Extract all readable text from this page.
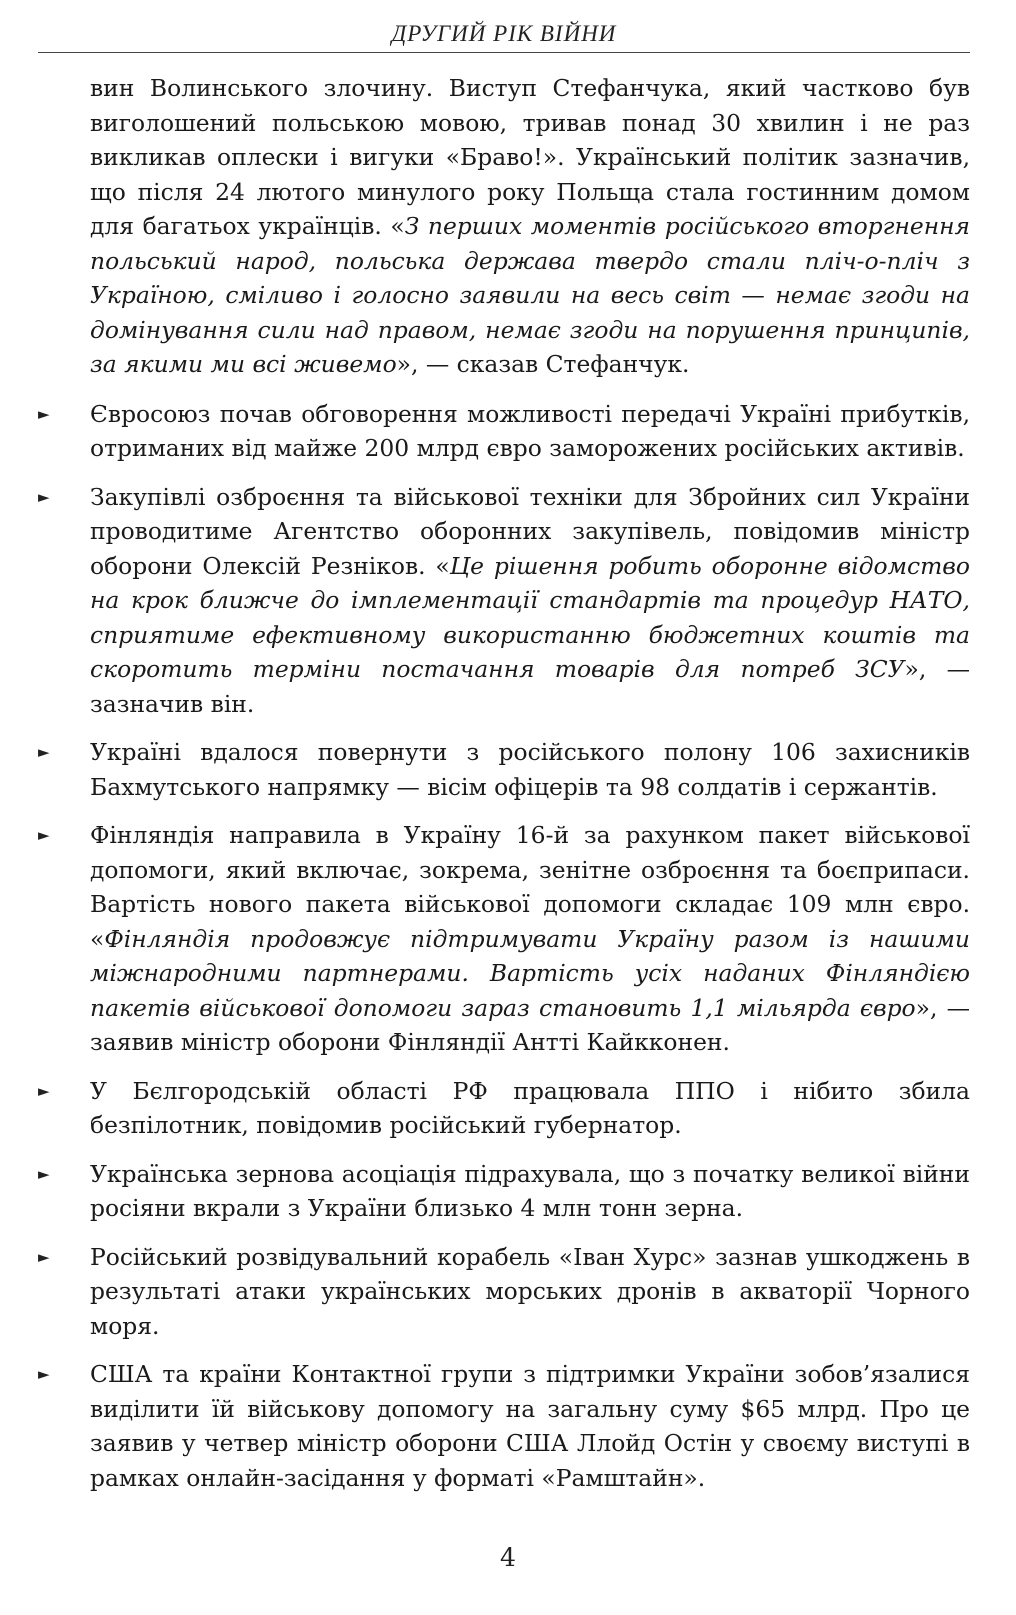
ДРУГИЙ РІК ВІЙНИ

вин Волинського злочину. Виступ Стефанчука, який частково був виголошений польською мовою, тривав понад 30 хвилин і не раз викликав оплески і вигуки «Браво!». Український політик зазначив, що після 24 лютого минулого року Польща стала гостинним домом для багатьох українців. «З перших моментів російського вторгнення польський народ, польська держава твердо стали пліч-о-пліч з Україною, сміливо і голосно заявили на весь світ — немає згоди на домінування сили над правом, немає згоди на порушення принципів, за якими ми всі живемо», — сказав Стефанчук.

►	Євросоюз почав обговорення можливості передачі Україні прибутків, отриманих від майже 200 млрд євро заморожених російських активів.

►	Закупівлі озброєння та військової техніки для Збройних сил України проводитиме Агентство оборонних закупівель, повідомив міністр оборони Олексій Резніков. «Це рішення робить оборонне відомство на крок ближче до імплементації стандартів та процедур НАТО, сприятиме ефективному використанню бюджетних коштів та скоротить терміни постачання товарів для потреб ЗСУ», — зазначив він.

►	Україні вдалося повернути з російського полону 106 захисників Бахмутського напрямку — вісім офіцерів та 98 солдатів і сержантів.

►	Фінляндія направила в Україну 16-й за рахунком пакет військової допомоги, який включає, зокрема, зенітне озброєння та боєприпаси. Вартість нового пакета військової допомоги складає 109 млн євро. «Фінляндія продовжує підтримувати Україну разом із нашими міжнародними партнерами. Вартість усіх наданих Фінляндією пакетів військової допомоги зараз становить 1,1 мільярда євро», — заявив міністр оборони Фінляндії Антті Кайкконен.

►	У Бєлгородській області РФ працювала ППО і нібито збила безпілотник, повідомив російський губернатор.

►	Українська зернова асоціація підрахувала, що з початку великої війни росіяни вкрали з України близько 4 млн тонн зерна.

►	Російський розвідувальний корабель «Іван Хурс» зазнав ушкоджень в результаті атаки українських морських дронів в акваторії Чорного моря.

►	США та країни Контактної групи з підтримки України зобов’язалися виділити їй військову допомогу на загальну суму $65 млрд. Про це заявив у четвер міністр оборони США Ллойд Остін у своєму виступі в рамках онлайн-засідання у форматі «Рамштайн».

4
